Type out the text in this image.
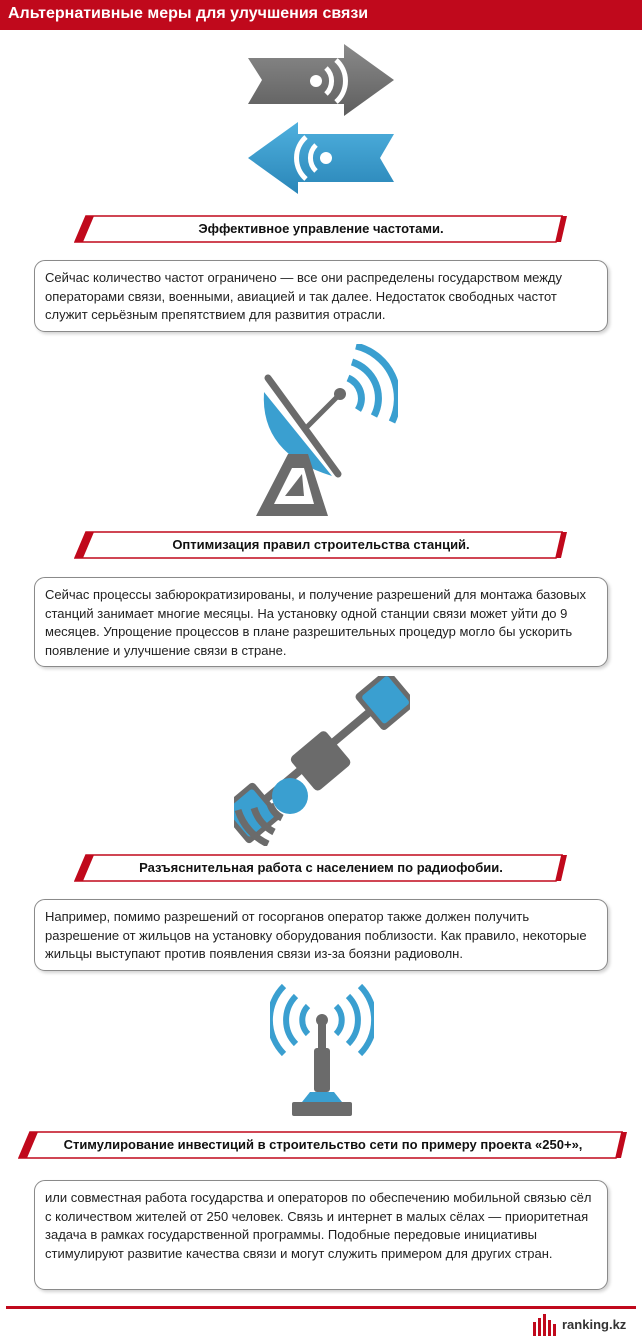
Альтернативные меры для улучшения связи
Эффективное управление частотами.
Сейчас количество частот ограничено — все они распределены государством между операторами связи, военными, авиацией и так далее. Недостаток свободных частот служит серьёзным препятствием для развития отрасли.
Оптимизация правил строительства станций.
Сейчас процессы забюрократизированы, и получение разрешений для монтажа базовых станций занимает многие месяцы. На установку одной станции связи может уйти до 9 месяцев. Упрощение процессов в плане разрешительных процедур могло бы ускорить появление и улучшение связи в стране.
Разъяснительная работа с населением по радиофобии.
Например, помимо разрешений от госорганов оператор также должен получить разрешение от жильцов на установку оборудования поблизости. Как правило, некоторые жильцы выступают против появления связи из-за боязни радиоволн.
Стимулирование инвестиций в строительство сети по примеру проекта «250+»,
или совместная работа государства и операторов по обеспечению мобильной связью сёл с количеством жителей от 250 человек. Связь и интернет в малых сёлах — приоритетная задача в рамках государственной программы. Подобные передовые инициативы стимулируют развитие качества связи и могут служить примером для других стран.
ranking.kz
